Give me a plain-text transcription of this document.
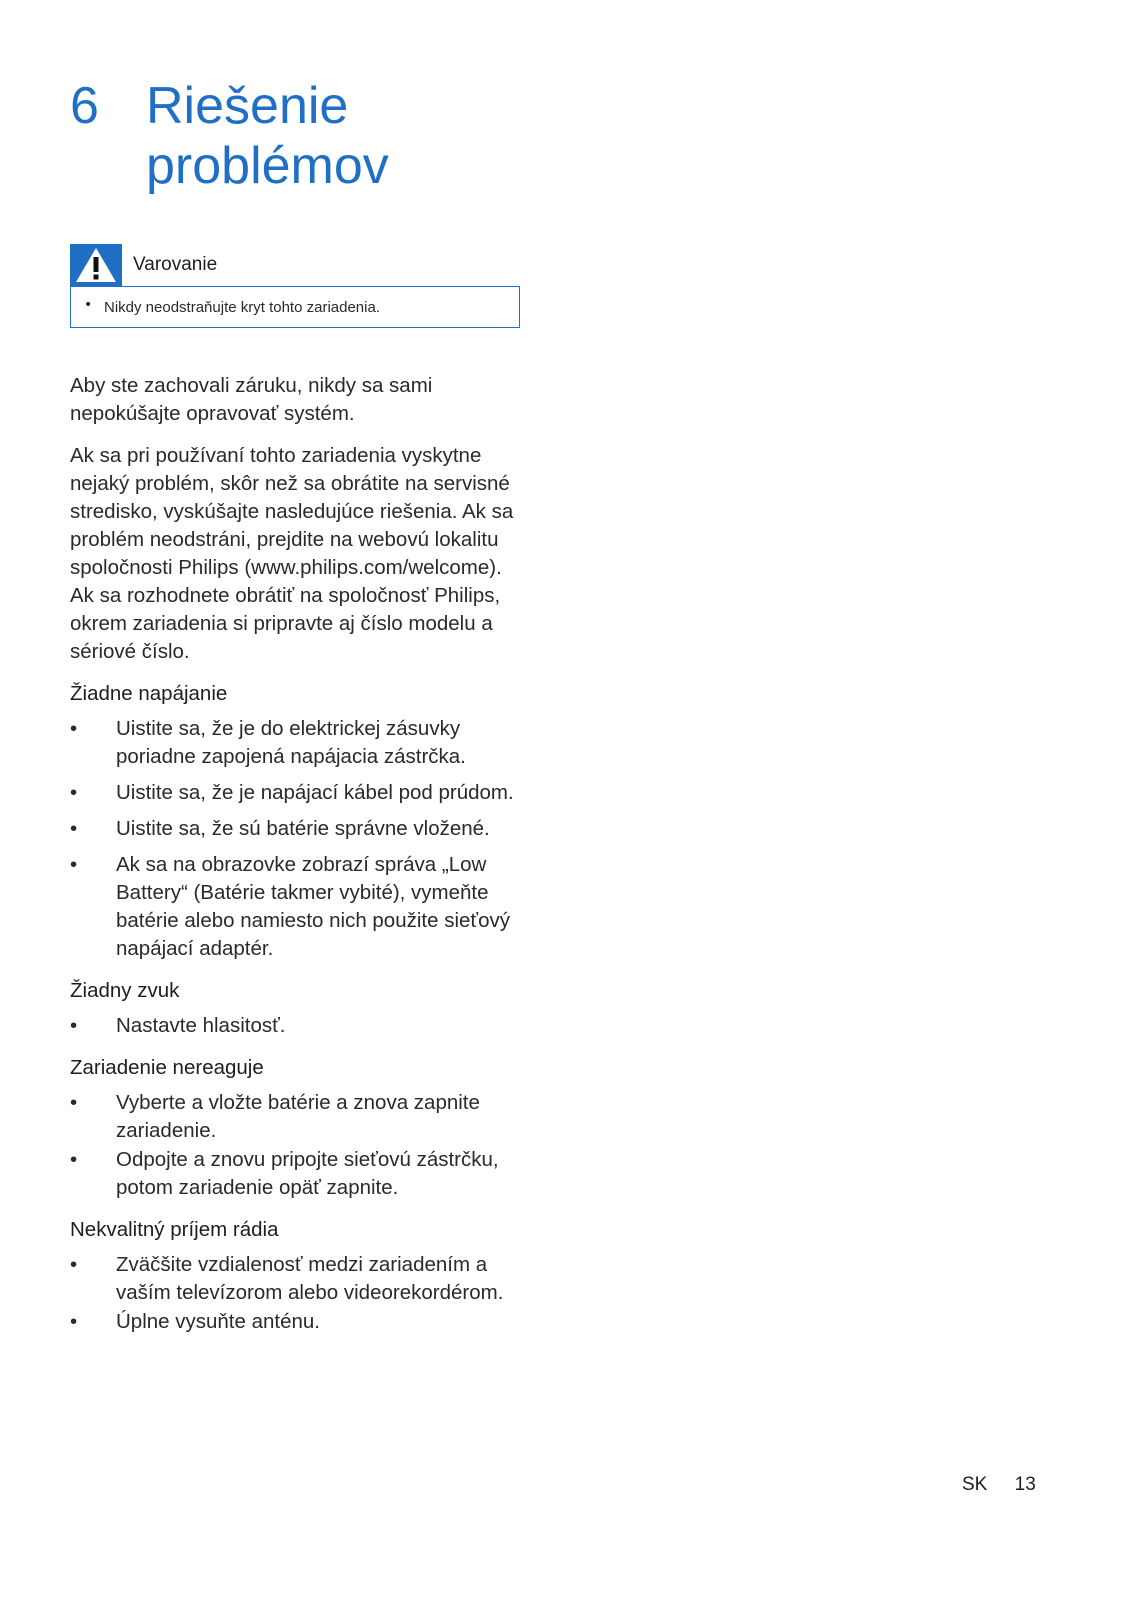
6 Riešenie
problémov
Varovanie
• Nikdy neodstraňujte kryt tohto zariadenia.

Aby ste zachovali záruku, nikdy sa sami nepokúšajte opravovať systém.

Ak sa pri používaní tohto zariadenia vyskytne nejaký problém, skôr než sa obrátite na servisné stredisko, vyskúšajte nasledujúce riešenia. Ak sa problém neodstráni, prejdite na webovú lokalitu spoločnosti Philips (www.philips.com/welcome). Ak sa rozhodnete obrátiť na spoločnosť Philips, okrem zariadenia si pripravte aj číslo modelu a sériové číslo.

Žiadne napájanie
• Uistite sa, že je do elektrickej zásuvky poriadne zapojená napájacia zástrčka.
• Uistite sa, že je napájací kábel pod prúdom.
• Uistite sa, že sú batérie správne vložené.
• Ak sa na obrazovke zobrazí správa „Low Battery“ (Batérie takmer vybité), vymeňte batérie alebo namiesto nich použite sieťový napájací adaptér.
Žiadny zvuk
• Nastavte hlasitosť.
Zariadenie nereaguje
• Vyberte a vložte batérie a znova zapnite zariadenie.
• Odpojte a znovu pripojte sieťovú zástrčku, potom zariadenie opäť zapnite.
Nekvalitný príjem rádia
• Zväčšite vzdialenosť medzi zariadením a vaším televízorom alebo videorekordérom.
• Úplne vysuňte anténu.
SK 13
